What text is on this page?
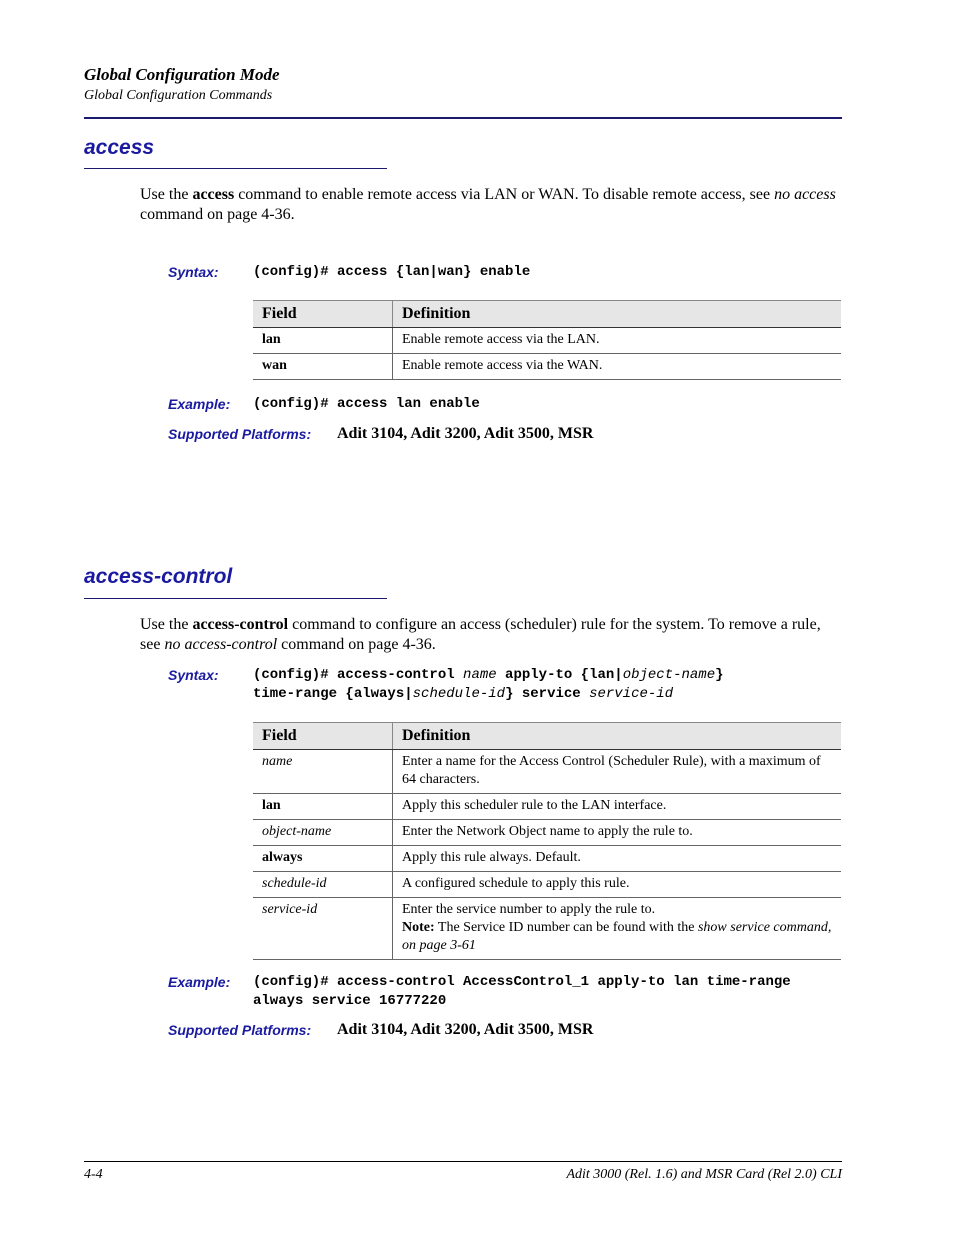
Global Configuration Mode
Global Configuration Commands
access
Use the access command to enable remote access via LAN or WAN. To disable remote access, see no access command on page 4-36.
Syntax: (config)# access {lan|wan} enable
Field	Definition
lan	Enable remote access via the LAN.
wan	Enable remote access via the WAN.
Example: (config)# access lan enable
Supported Platforms: Adit 3104, Adit 3200, Adit 3500, MSR
access-control
Use the access-control command to configure an access (scheduler) rule for the system. To remove a rule, see no access-control command on page 4-36.
Syntax: (config)# access-control name apply-to {lan|object-name}
time-range {always|schedule-id} service service-id
Field	Definition
name	Enter a name for the Access Control (Scheduler Rule), with a maximum of 64 characters.
lan	Apply this scheduler rule to the LAN interface.
object-name	Enter the Network Object name to apply the rule to.
always	Apply this rule always. Default.
schedule-id	A configured schedule to apply this rule.
service-id	Enter the service number to apply the rule to.
Note: The Service ID number can be found with the show service command, on page 3-61
Example: (config)# access-control AccessControl_1 apply-to lan time-range
always service 16777220
Supported Platforms: Adit 3104, Adit 3200, Adit 3500, MSR
4-4	Adit 3000 (Rel. 1.6) and MSR Card (Rel 2.0) CLI
